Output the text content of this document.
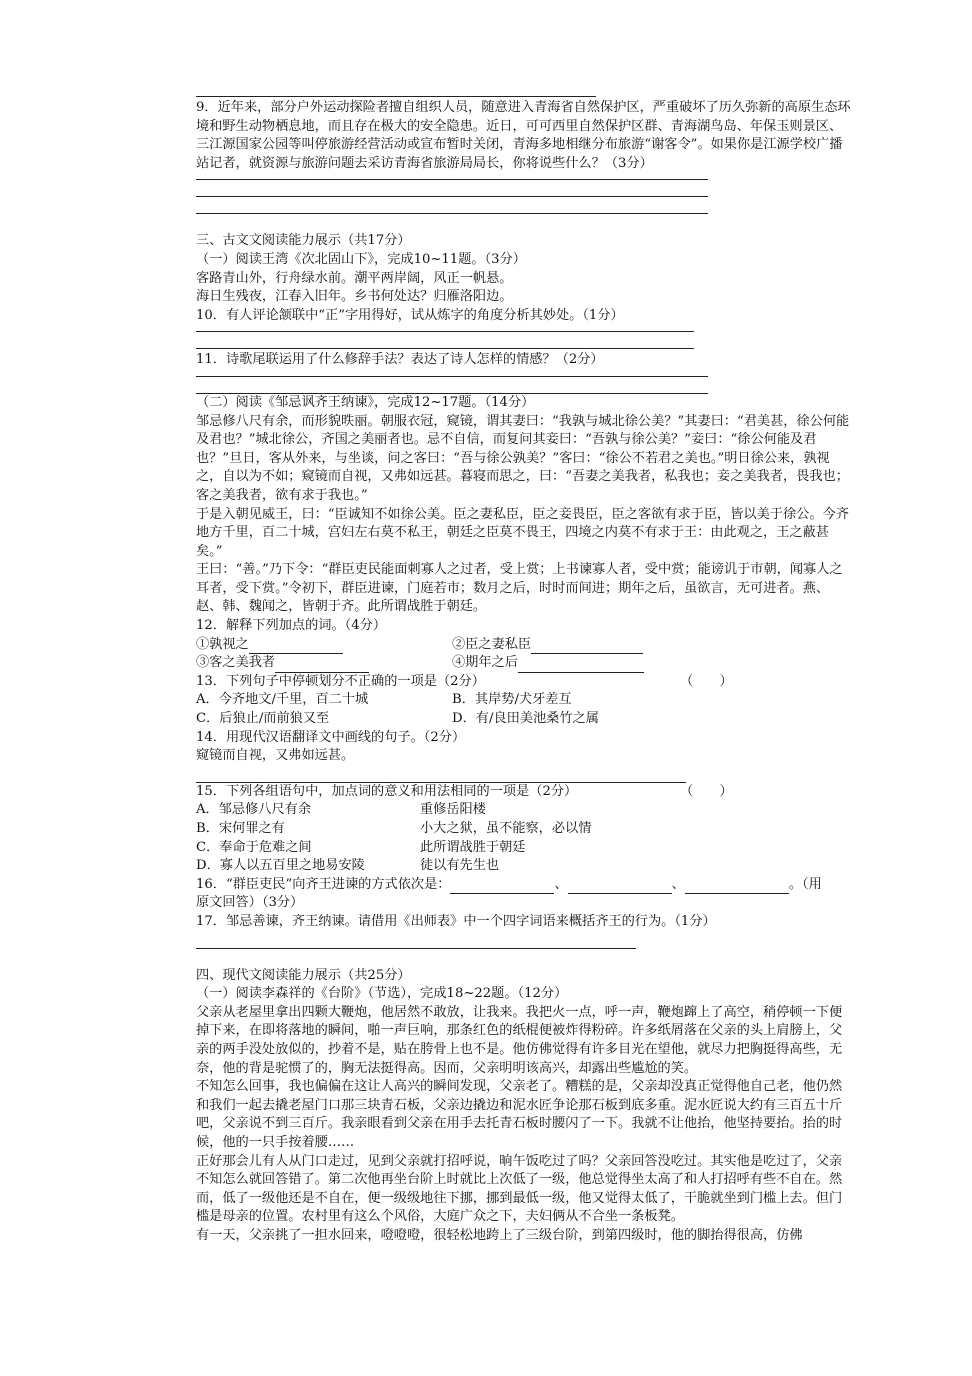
9．近年来，部分户外运动探险者擅自组织人员，随意进入青海省自然保护区，严重破坏了历久弥新的高原生态环境和野生动物栖息地，而且存在极大的安全隐患。近日，可可西里自然保护区群、青海湖鸟岛、年保玉则景区、三江源国家公园等叫停旅游经营活动或宣布暂时关闭，青海多地相继分布旅游“谢客令”。如果你是江源学校广播站记者，就资源与旅游问题去采访青海省旅游局局长，你将说些什么？（3分）

三、古文文阅读能力展示（共17分）

（一）阅读王湾《次北固山下》，完成10~11题。（3分）

客路青山外，行舟绿水前。潮平两岸阔，风正一帆悬。

海日生残夜，江春入旧年。乡书何处达？归雁洛阳边。

10．有人评论颔联中“正”字用得好，试从炼字的角度分析其妙处。（1分）

11．诗歌尾联运用了什么修辞手法？表达了诗人怎样的情感？（2分）

（二）阅读《邹忌讽齐王纳谏》，完成12~17题。（14分）

邹忌修八尺有余，而形貌昳丽。朝服衣冠，窥镜，谓其妻曰：“我孰与城北徐公美？”其妻曰：“君美甚，徐公何能及君也？”城北徐公，齐国之美丽者也。忌不自信，而复问其妾曰：“吾孰与徐公美？”妾曰：“徐公何能及君也？”旦日，客从外来，与坐谈，问之客曰：“吾与徐公孰美？”客曰：“徐公不若君之美也。”明日徐公来，孰视之，自以为不如；窥镜而自视，又弗如远甚。暮寝而思之，曰：“吾妻之美我者，私我也；妾之美我者，畏我也；客之美我者，欲有求于我也。”

于是入朝见威王，曰：“臣诚知不如徐公美。臣之妻私臣，臣之妾畏臣，臣之客欲有求于臣，皆以美于徐公。今齐地方千里，百二十城，宫妇左右莫不私王，朝廷之臣莫不畏王，四境之内莫不有求于王：由此观之，王之蔽甚矣。”

王曰：“善。”乃下令：“群臣吏民能面刺寡人之过者，受上赏；上书谏寡人者，受中赏；能谤讥于市朝，闻寡人之耳者，受下赏。”令初下，群臣进谏，门庭若市；数月之后，时时而间进；期年之后，虽欲言，无可进者。燕、赵、韩、魏闻之，皆朝于齐。此所谓战胜于朝廷。

12．解释下列加点的词。（4分）

①孰视之	②臣之妻私臣
③客之美我者	④期年之后

13．下列句子中停顿划分不正确的一项是（2分）	（　　）

A．今齐地文/千里，百二十城	B．其岸势/犬牙差互
C．后狼止/而前狼又至	D．有/良田美池桑竹之属

14．用现代汉语翻译文中画线的句子。（2分）

窥镜而自视，又弗如远甚。

15．下列各组语句中，加点词的意义和用法相同的一项是（2分）	（　　）

A．邹忌修八尺有余	重修岳阳楼
B．宋何罪之有	小大之狱，虽不能察，必以情
C．奉命于危难之间	此所谓战胜于朝廷
D．寡人以五百里之地易安陵	徒以有先生也

16．“群臣吏民”向齐王进谏的方式依次是：	、	、	。（用

原文回答）（3分）

17．邹忌善谏，齐王纳谏。请借用《出师表》中一个四字词语来概括齐王的行为。（1分）

四、现代文阅读能力展示（共25分）

（一）阅读李森祥的《台阶》（节选），完成18~22题。（12分）

父亲从老屋里拿出四颗大鞭炮，他居然不敢放，让我来。我把火一点，呼一声，鞭炮蹿上了高空，稍停顿一下便掉下来，在即将落地的瞬间，啪一声巨响，那条红色的纸棍便被炸得粉碎。许多纸屑落在父亲的头上肩膀上，父亲的两手没处放似的，抄着不是，贴在胯骨上也不是。他仿佛觉得有许多目光在望他，就尽力把胸挺得高些，无奈，他的背是驼惯了的，胸无法挺得高。因而，父亲明明该高兴，却露出些尴尬的笑。

不知怎么回事，我也偏偏在这让人高兴的瞬间发现，父亲老了。糟糕的是，父亲却没真正觉得他自己老，他仍然和我们一起去撬老屋门口那三块青石板，父亲边撬边和泥水匠争论那石板到底多重。泥水匠说大约有三百五十斤吧，父亲说不到三百斤。我亲眼看到父亲在用手去托青石板时腰闪了一下。我就不让他抬，他坚持要抬。抬的时候，他的一只手按着腰……

正好那会儿有人从门口走过，见到父亲就打招呼说，晌午饭吃过了吗？父亲回答没吃过。其实他是吃过了，父亲不知怎么就回答错了。第二次他再坐台阶上时就比上次低了一级，他总觉得坐太高了和人打招呼有些不自在。然而，低了一级他还是不自在，便一级级地往下挪，挪到最低一级，他又觉得太低了，干脆就坐到门槛上去。但门槛是母亲的位置。农村里有这么个风俗，大庭广众之下，夫妇俩从不合坐一条板凳。

有一天，父亲挑了一担水回来，噔噔噔，很轻松地跨上了三级台阶，到第四级时，他的脚抬得很高，仿佛
